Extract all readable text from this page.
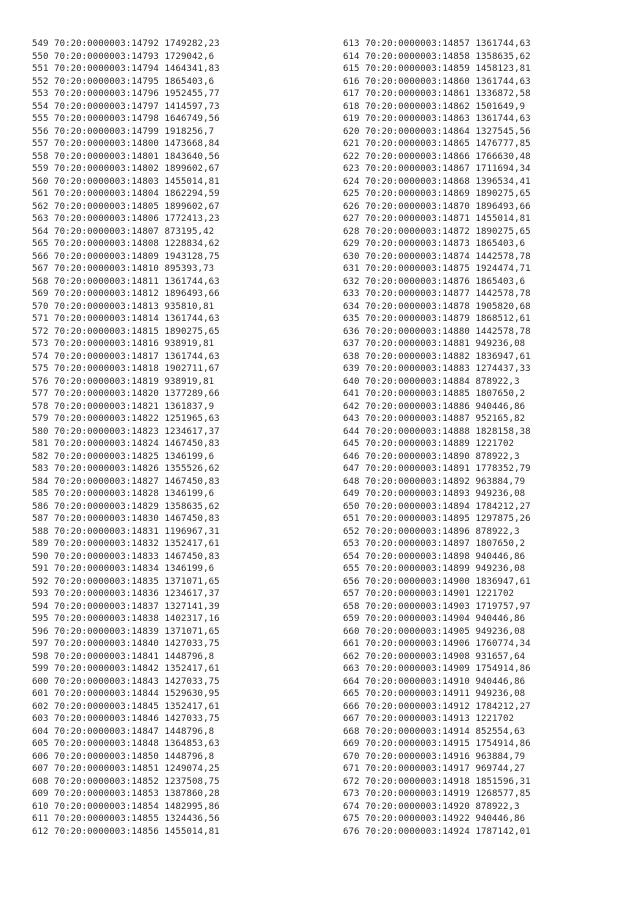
549 70:20:0000003:14792 1749282,23
550 70:20:0000003:14793 1729042,6
551 70:20:0000003:14794 1464341,83
552 70:20:0000003:14795 1865403,6
553 70:20:0000003:14796 1952455,77
554 70:20:0000003:14797 1414597,73
555 70:20:0000003:14798 1646749,56
556 70:20:0000003:14799 1918256,7
557 70:20:0000003:14800 1473668,84
558 70:20:0000003:14801 1843640,56
559 70:20:0000003:14802 1899602,67
560 70:20:0000003:14803 1455014,81
561 70:20:0000003:14804 1862294,59
562 70:20:0000003:14805 1899602,67
563 70:20:0000003:14806 1772413,23
564 70:20:0000003:14807 873195,42
565 70:20:0000003:14808 1228834,62
566 70:20:0000003:14809 1943128,75
567 70:20:0000003:14810 895393,73
568 70:20:0000003:14811 1361744,63
569 70:20:0000003:14812 1896493,66
570 70:20:0000003:14813 935810,81
571 70:20:0000003:14814 1361744,63
572 70:20:0000003:14815 1890275,65
573 70:20:0000003:14816 938919,81
574 70:20:0000003:14817 1361744,63
575 70:20:0000003:14818 1902711,67
576 70:20:0000003:14819 938919,81
577 70:20:0000003:14820 1377289,66
578 70:20:0000003:14821 1361837,9
579 70:20:0000003:14822 1251965,63
580 70:20:0000003:14823 1234617,37
581 70:20:0000003:14824 1467450,83
582 70:20:0000003:14825 1346199,6
583 70:20:0000003:14826 1355526,62
584 70:20:0000003:14827 1467450,83
585 70:20:0000003:14828 1346199,6
586 70:20:0000003:14829 1358635,62
587 70:20:0000003:14830 1467450,83
588 70:20:0000003:14831 1196967,31
589 70:20:0000003:14832 1352417,61
590 70:20:0000003:14833 1467450,83
591 70:20:0000003:14834 1346199,6
592 70:20:0000003:14835 1371071,65
593 70:20:0000003:14836 1234617,37
594 70:20:0000003:14837 1327141,39
595 70:20:0000003:14838 1402317,16
596 70:20:0000003:14839 1371071,65
597 70:20:0000003:14840 1427033,75
598 70:20:0000003:14841 1448796,8
599 70:20:0000003:14842 1352417,61
600 70:20:0000003:14843 1427033,75
601 70:20:0000003:14844 1529630,95
602 70:20:0000003:14845 1352417,61
603 70:20:0000003:14846 1427033,75
604 70:20:0000003:14847 1448796,8
605 70:20:0000003:14848 1364853,63
606 70:20:0000003:14850 1448796,8
607 70:20:0000003:14851 1249074,25
608 70:20:0000003:14852 1237508,75
609 70:20:0000003:14853 1387860,28
610 70:20:0000003:14854 1482995,86
611 70:20:0000003:14855 1324436,56
612 70:20:0000003:14856 1455014,81
613 70:20:0000003:14857 1361744,63
614 70:20:0000003:14858 1358635,62
615 70:20:0000003:14859 1458123,81
616 70:20:0000003:14860 1361744,63
617 70:20:0000003:14861 1336872,58
618 70:20:0000003:14862 1501649,9
619 70:20:0000003:14863 1361744,63
620 70:20:0000003:14864 1327545,56
621 70:20:0000003:14865 1476777,85
622 70:20:0000003:14866 1766630,48
623 70:20:0000003:14867 1711694,34
624 70:20:0000003:14868 1396534,41
625 70:20:0000003:14869 1890275,65
626 70:20:0000003:14870 1896493,66
627 70:20:0000003:14871 1455014,81
628 70:20:0000003:14872 1890275,65
629 70:20:0000003:14873 1865403,6
630 70:20:0000003:14874 1442578,78
631 70:20:0000003:14875 1924474,71
632 70:20:0000003:14876 1865403,6
633 70:20:0000003:14877 1442578,78
634 70:20:0000003:14878 1905820,68
635 70:20:0000003:14879 1868512,61
636 70:20:0000003:14880 1442578,78
637 70:20:0000003:14881 949236,08
638 70:20:0000003:14882 1836947,61
639 70:20:0000003:14883 1274437,33
640 70:20:0000003:14884 878922,3
641 70:20:0000003:14885 1807650,2
642 70:20:0000003:14886 940446,86
643 70:20:0000003:14887 952165,82
644 70:20:0000003:14888 1828158,38
645 70:20:0000003:14889 1221702
646 70:20:0000003:14890 878922,3
647 70:20:0000003:14891 1778352,79
648 70:20:0000003:14892 963884,79
649 70:20:0000003:14893 949236,08
650 70:20:0000003:14894 1784212,27
651 70:20:0000003:14895 1297875,26
652 70:20:0000003:14896 878922,3
653 70:20:0000003:14897 1807650,2
654 70:20:0000003:14898 940446,86
655 70:20:0000003:14899 949236,08
656 70:20:0000003:14900 1836947,61
657 70:20:0000003:14901 1221702
658 70:20:0000003:14903 1719757,97
659 70:20:0000003:14904 940446,86
660 70:20:0000003:14905 949236,08
661 70:20:0000003:14906 1760774,34
662 70:20:0000003:14908 931657,64
663 70:20:0000003:14909 1754914,86
664 70:20:0000003:14910 940446,86
665 70:20:0000003:14911 949236,08
666 70:20:0000003:14912 1784212,27
667 70:20:0000003:14913 1221702
668 70:20:0000003:14914 852554,63
669 70:20:0000003:14915 1754914,86
670 70:20:0000003:14916 963884,79
671 70:20:0000003:14917 969744,27
672 70:20:0000003:14918 1851596,31
673 70:20:0000003:14919 1268577,85
674 70:20:0000003:14920 878922,3
675 70:20:0000003:14922 940446,86
676 70:20:0000003:14924 1787142,01
